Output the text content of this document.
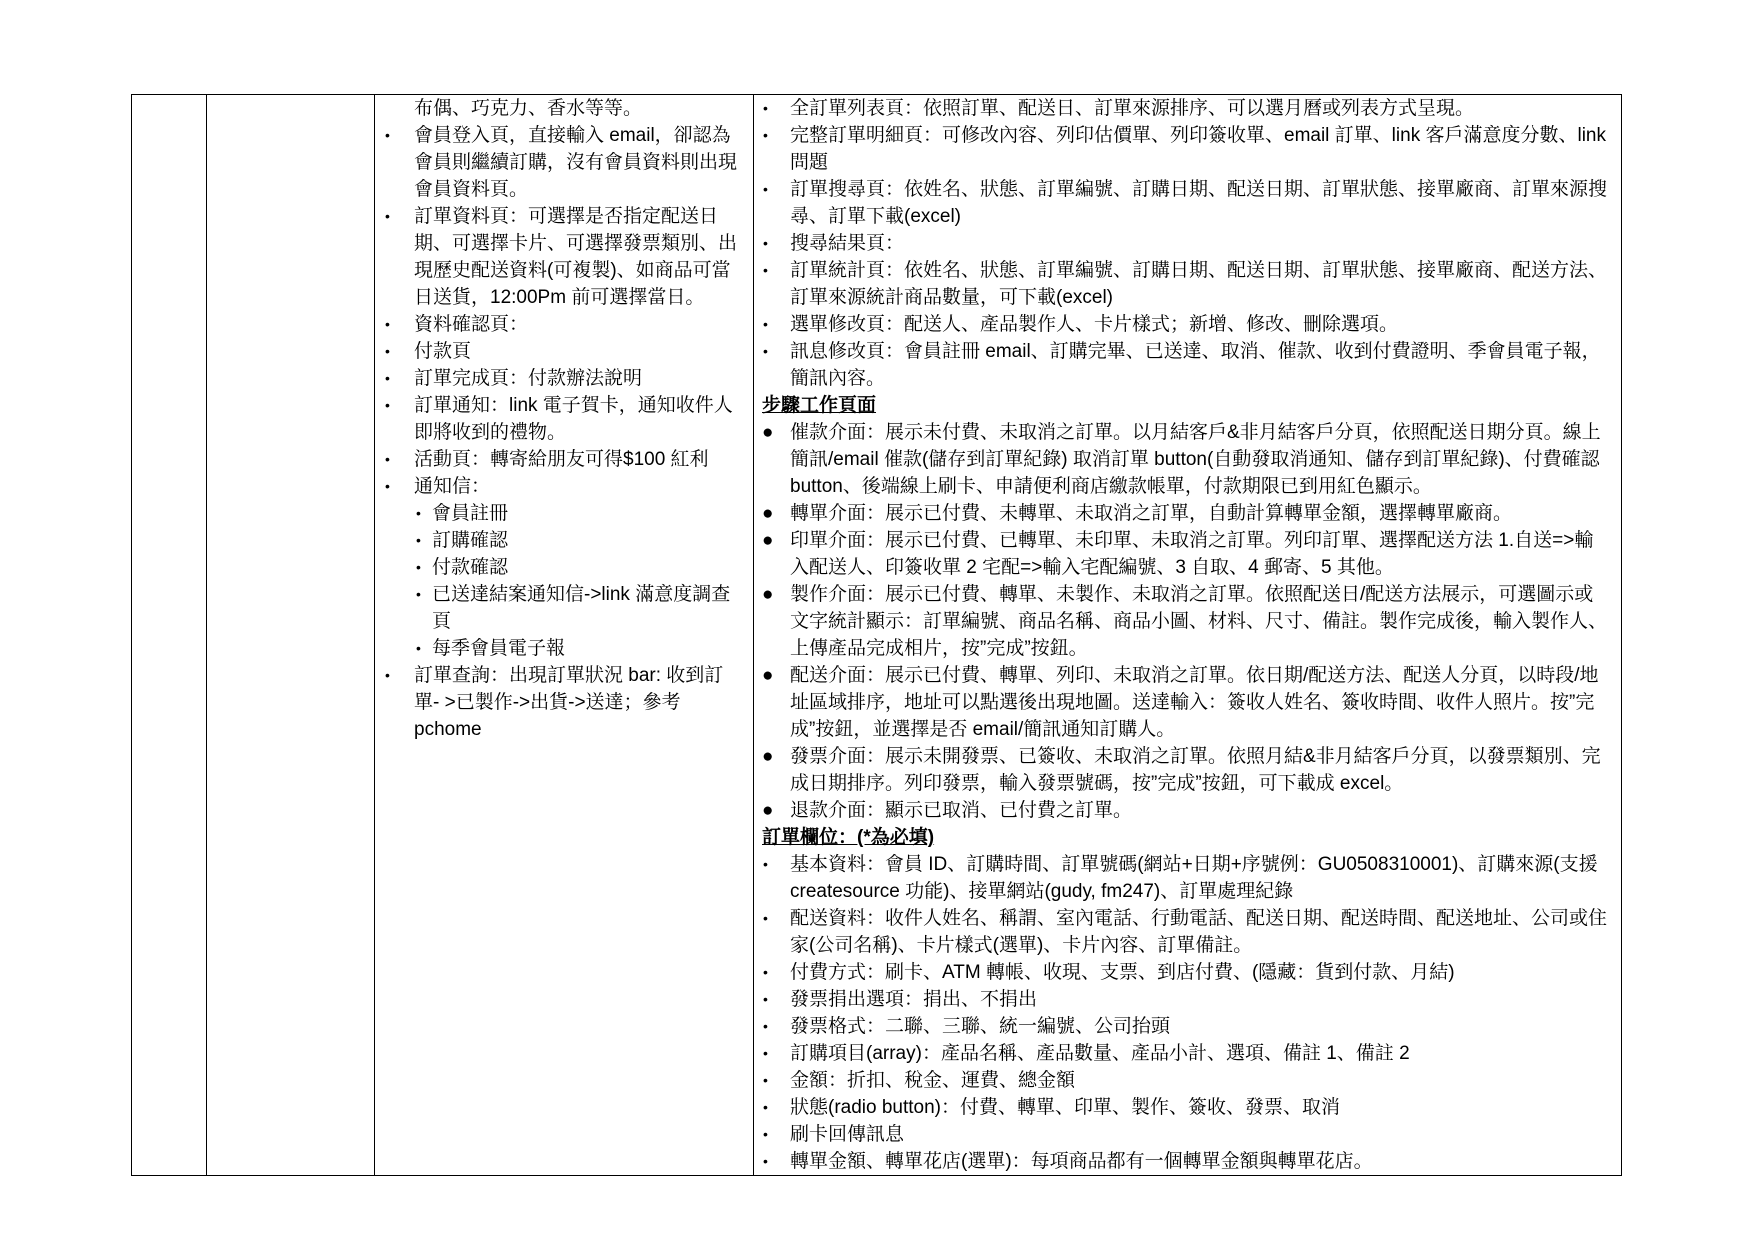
布偶、巧克力、香水等等。
• 會員登入頁，直接輸入 email，卻認為會員則繼續訂購，沒有會員資料則出現會員資料頁。
• 訂單資料頁：可選擇是否指定配送日期、可選擇卡片、可選擇發票類別、出現歷史配送資料(可複製)、如商品可當日送貨，12:00Pm 前可選擇當日。
• 資料確認頁：
• 付款頁
• 訂單完成頁：付款辦法說明
• 訂單通知：link 電子賀卡，通知收件人即將收到的禮物。
• 活動頁：轉寄給朋友可得$100 紅利
• 通知信：
• 會員註冊
• 訂購確認
• 付款確認
• 已送達結案通知信->link 滿意度調查頁
• 每季會員電子報
• 訂單查詢：出現訂單狀況 bar: 收到訂單- >已製作->出貨->送達；參考 pchome

• 全訂單列表頁：依照訂單、配送日、訂單來源排序、可以選月曆或列表方式呈現。
• 完整訂單明細頁：可修改內容、列印估價單、列印簽收單、email 訂單、link 客戶滿意度分數、link 問題
• 訂單搜尋頁：依姓名、狀態、訂單編號、訂購日期、配送日期、訂單狀態、接單廠商、訂單來源搜尋、訂單下載(excel)
• 搜尋結果頁：
• 訂單統計頁：依姓名、狀態、訂單編號、訂購日期、配送日期、訂單狀態、接單廠商、配送方法、訂單來源統計商品數量，可下載(excel)
• 選單修改頁：配送人、產品製作人、卡片樣式；新增、修改、刪除選項。
• 訊息修改頁：會員註冊 email、訂購完畢、已送達、取消、催款、收到付費證明、季會員電子報，簡訊內容。
步驟工作頁面
● 催款介面：展示未付費、未取消之訂單。以月結客戶&非月結客戶分頁，依照配送日期分頁。線上簡訊/email 催款(儲存到訂單紀錄) 取消訂單 button(自動發取消通知、儲存到訂單紀錄)、付費確認 button、後端線上刷卡、申請便利商店繳款帳單，付款期限已到用紅色顯示。
● 轉單介面：展示已付費、未轉單、未取消之訂單，自動計算轉單金額，選擇轉單廠商。
● 印單介面：展示已付費、已轉單、未印單、未取消之訂單。列印訂單、選擇配送方法 1.自送=>輸入配送人、印簽收單 2 宅配=>輸入宅配編號、3 自取、4 郵寄、5 其他。
● 製作介面：展示已付費、轉單、未製作、未取消之訂單。依照配送日/配送方法展示，可選圖示或文字統計顯示：訂單編號、商品名稱、商品小圖、材料、尺寸、備註。製作完成後，輸入製作人、上傳產品完成相片，按”完成”按鈕。
● 配送介面：展示已付費、轉單、列印、未取消之訂單。依日期/配送方法、配送人分頁，以時段/地址區域排序，地址可以點選後出現地圖。送達輸入：簽收人姓名、簽收時間、收件人照片。按”完成”按鈕，並選擇是否 email/簡訊通知訂購人。
● 發票介面：展示未開發票、已簽收、未取消之訂單。依照月結&非月結客戶分頁，以發票類別、完成日期排序。列印發票，輸入發票號碼，按”完成”按鈕，可下載成 excel。
● 退款介面：顯示已取消、已付費之訂單。
訂單欄位：(*為必填)
• 基本資料：會員 ID、訂購時間、訂單號碼(網站+日期+序號例：GU0508310001)、訂購來源(支援 createsource 功能)、接單網站(gudy, fm247)、訂單處理紀錄
• 配送資料：收件人姓名、稱謂、室內電話、行動電話、配送日期、配送時間、配送地址、公司或住家(公司名稱)、卡片樣式(選單)、卡片內容、訂單備註。
• 付費方式：刷卡、ATM 轉帳、收現、支票、到店付費、(隱藏：貨到付款、月結)
• 發票捐出選項：捐出、不捐出
• 發票格式：二聯、三聯、統一編號、公司抬頭
• 訂購項目(array)：產品名稱、產品數量、產品小計、選項、備註 1、備註 2
• 金額：折扣、稅金、運費、總金額
• 狀態(radio button)：付費、轉單、印單、製作、簽收、發票、取消
• 刷卡回傳訊息
• 轉單金額、轉單花店(選單)：每項商品都有一個轉單金額與轉單花店。
